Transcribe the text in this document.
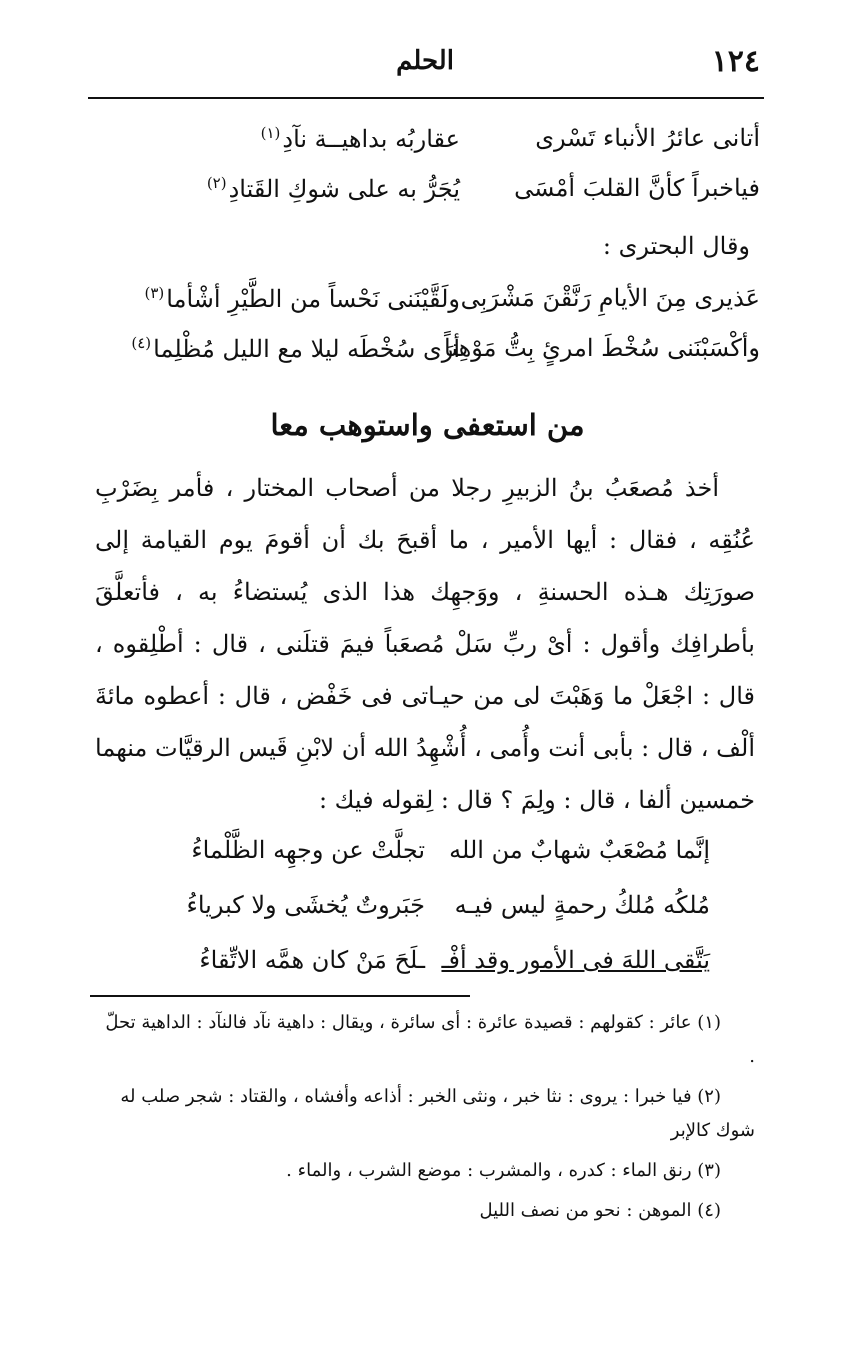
١٢٤
الحلم
أتانى عائرُ الأنباء تَسْرى
عقاربُه بداهيــة نآدِ$^{(١)}$
فياخبراً كأنَّ القلبَ أمْسَى
يُجَرُّ به على شوكِ القَتادِ$^{(٢)}$
وقال البحترى :
عَذيرى مِنَ الأيامِ رَنَّقْنَ مَشْرَبِى
ولَقَّيْنَنى نَحْساً من الطَّيْرِ أشْأما$^{(٣)}$
وأكْسَبْنَنى سُخْطَ امرئٍ بِتُّ مَوْهِناً
أرَى سُخْطَه ليلا مع الليل مُظْلِما$^{(٤)}$
من استعفى واستوهب معا

أخذ مُصعَبُ بنُ الزبيرِ رجلا من أصحاب المختار ، فأمر بِضَرْبِ عُنُقِه ، فقال : أيها الأمير ، ما أقبحَ بك أن أقومَ يوم القيامة إلى صورَتِك هـذه الحسنةِ ، ووَجهِك هذا الذى يُستضاءُ به ، فأتعلَّقَ بأطرافِك وأقول : أىْ ربِّ سَلْ مُصعَباً فيمَ قتلَنى ، قال : أطْلِقوه ، قال : اجْعَلْ ما وَهَبْتَ لى من حيـاتى فى خَفْض ، قال : أعطوه مائةَ ألْف ، قال : بأبى أنت وأُمى ، أُشْهِدُ الله أن لابْنِ قَيس الرقيَّات منهما خمسين ألفا ، قال : ولِمَ ؟ قال : لِقوله فيك :

إنَّما مُصْعَبٌ شهابٌ من الله
تجلَّتْ عن وجهِه الظَّلْماءُ
مُلكُه مُلكُ رحمةٍ ليس فيـه
جَبَروتٌ يُخشَى ولا كبرياءُ
يَتَّقى اللهَ فى الأمور وقد أفْـ
ـلَحَ مَنْ كان همَّه الاتِّقاءُ

(١) عائر : كقولهم : قصيدة عائرة : أى سائرة ، ويقال : داهية نآد فالنآد : الداهية تحلّ .

(٢) فيا خبرا : يروى : نثا خبر ، ونثى الخبر : أذاعه وأفشاه ، والقتاد : شجر صلب له شوك كالإبر

(٣) رنق الماء : كدره ، والمشرب : موضع الشرب ، والماء .

(٤) الموهن : نحو من نصف الليل
